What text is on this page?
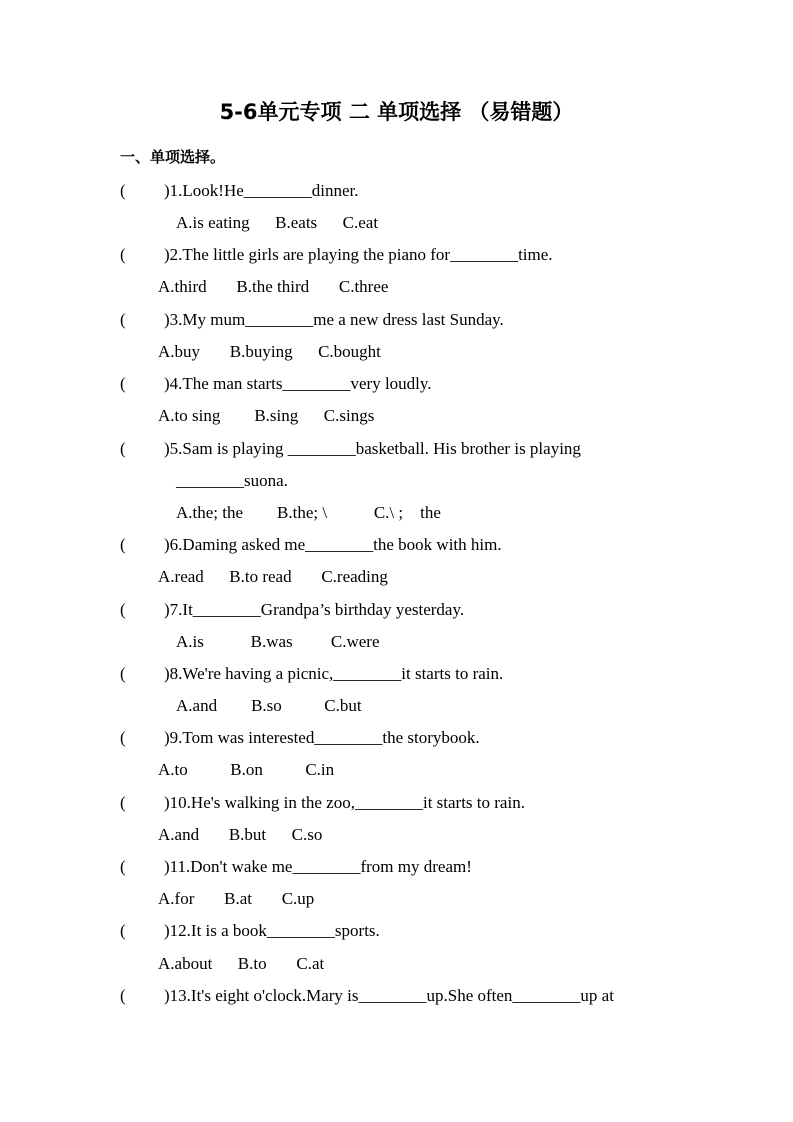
5-6单元专项 二 单项选择 （易错题）
一、单项选择。
( )1.Look!He________dinner.
A.is eating      B.eats      C.eat
( )2.The little girls are playing the piano for________time.
A.third       B.the third       C.three
( )3.My mum________me a new dress last Sunday.
A.buy       B.buying      C.bought
( )4.The man starts________very loudly.
A.to sing        B.sing      C.sings
( )5.Sam is playing ________basketball. His brother is playing
________suona.
A.the; the        B.the; \           C.\ ;    the
( )6.Daming asked me________the book with him.
A.read      B.to read       C.reading
( )7.It________Grandpa’s birthday yesterday.
A.is           B.was         C.were
( )8.We're having a picnic,________it starts to rain.
A.and        B.so          C.but
( )9.Tom was interested________the storybook.
A.to          B.on          C.in
( )10.He's walking in the zoo,________it starts to rain.
A.and       B.but      C.so
( )11.Don't wake me________from my dream!
A.for       B.at       C.up
( )12.It is a book________sports.
A.about      B.to       C.at
( )13.It's eight o'clock.Mary is________up.She often________up at
